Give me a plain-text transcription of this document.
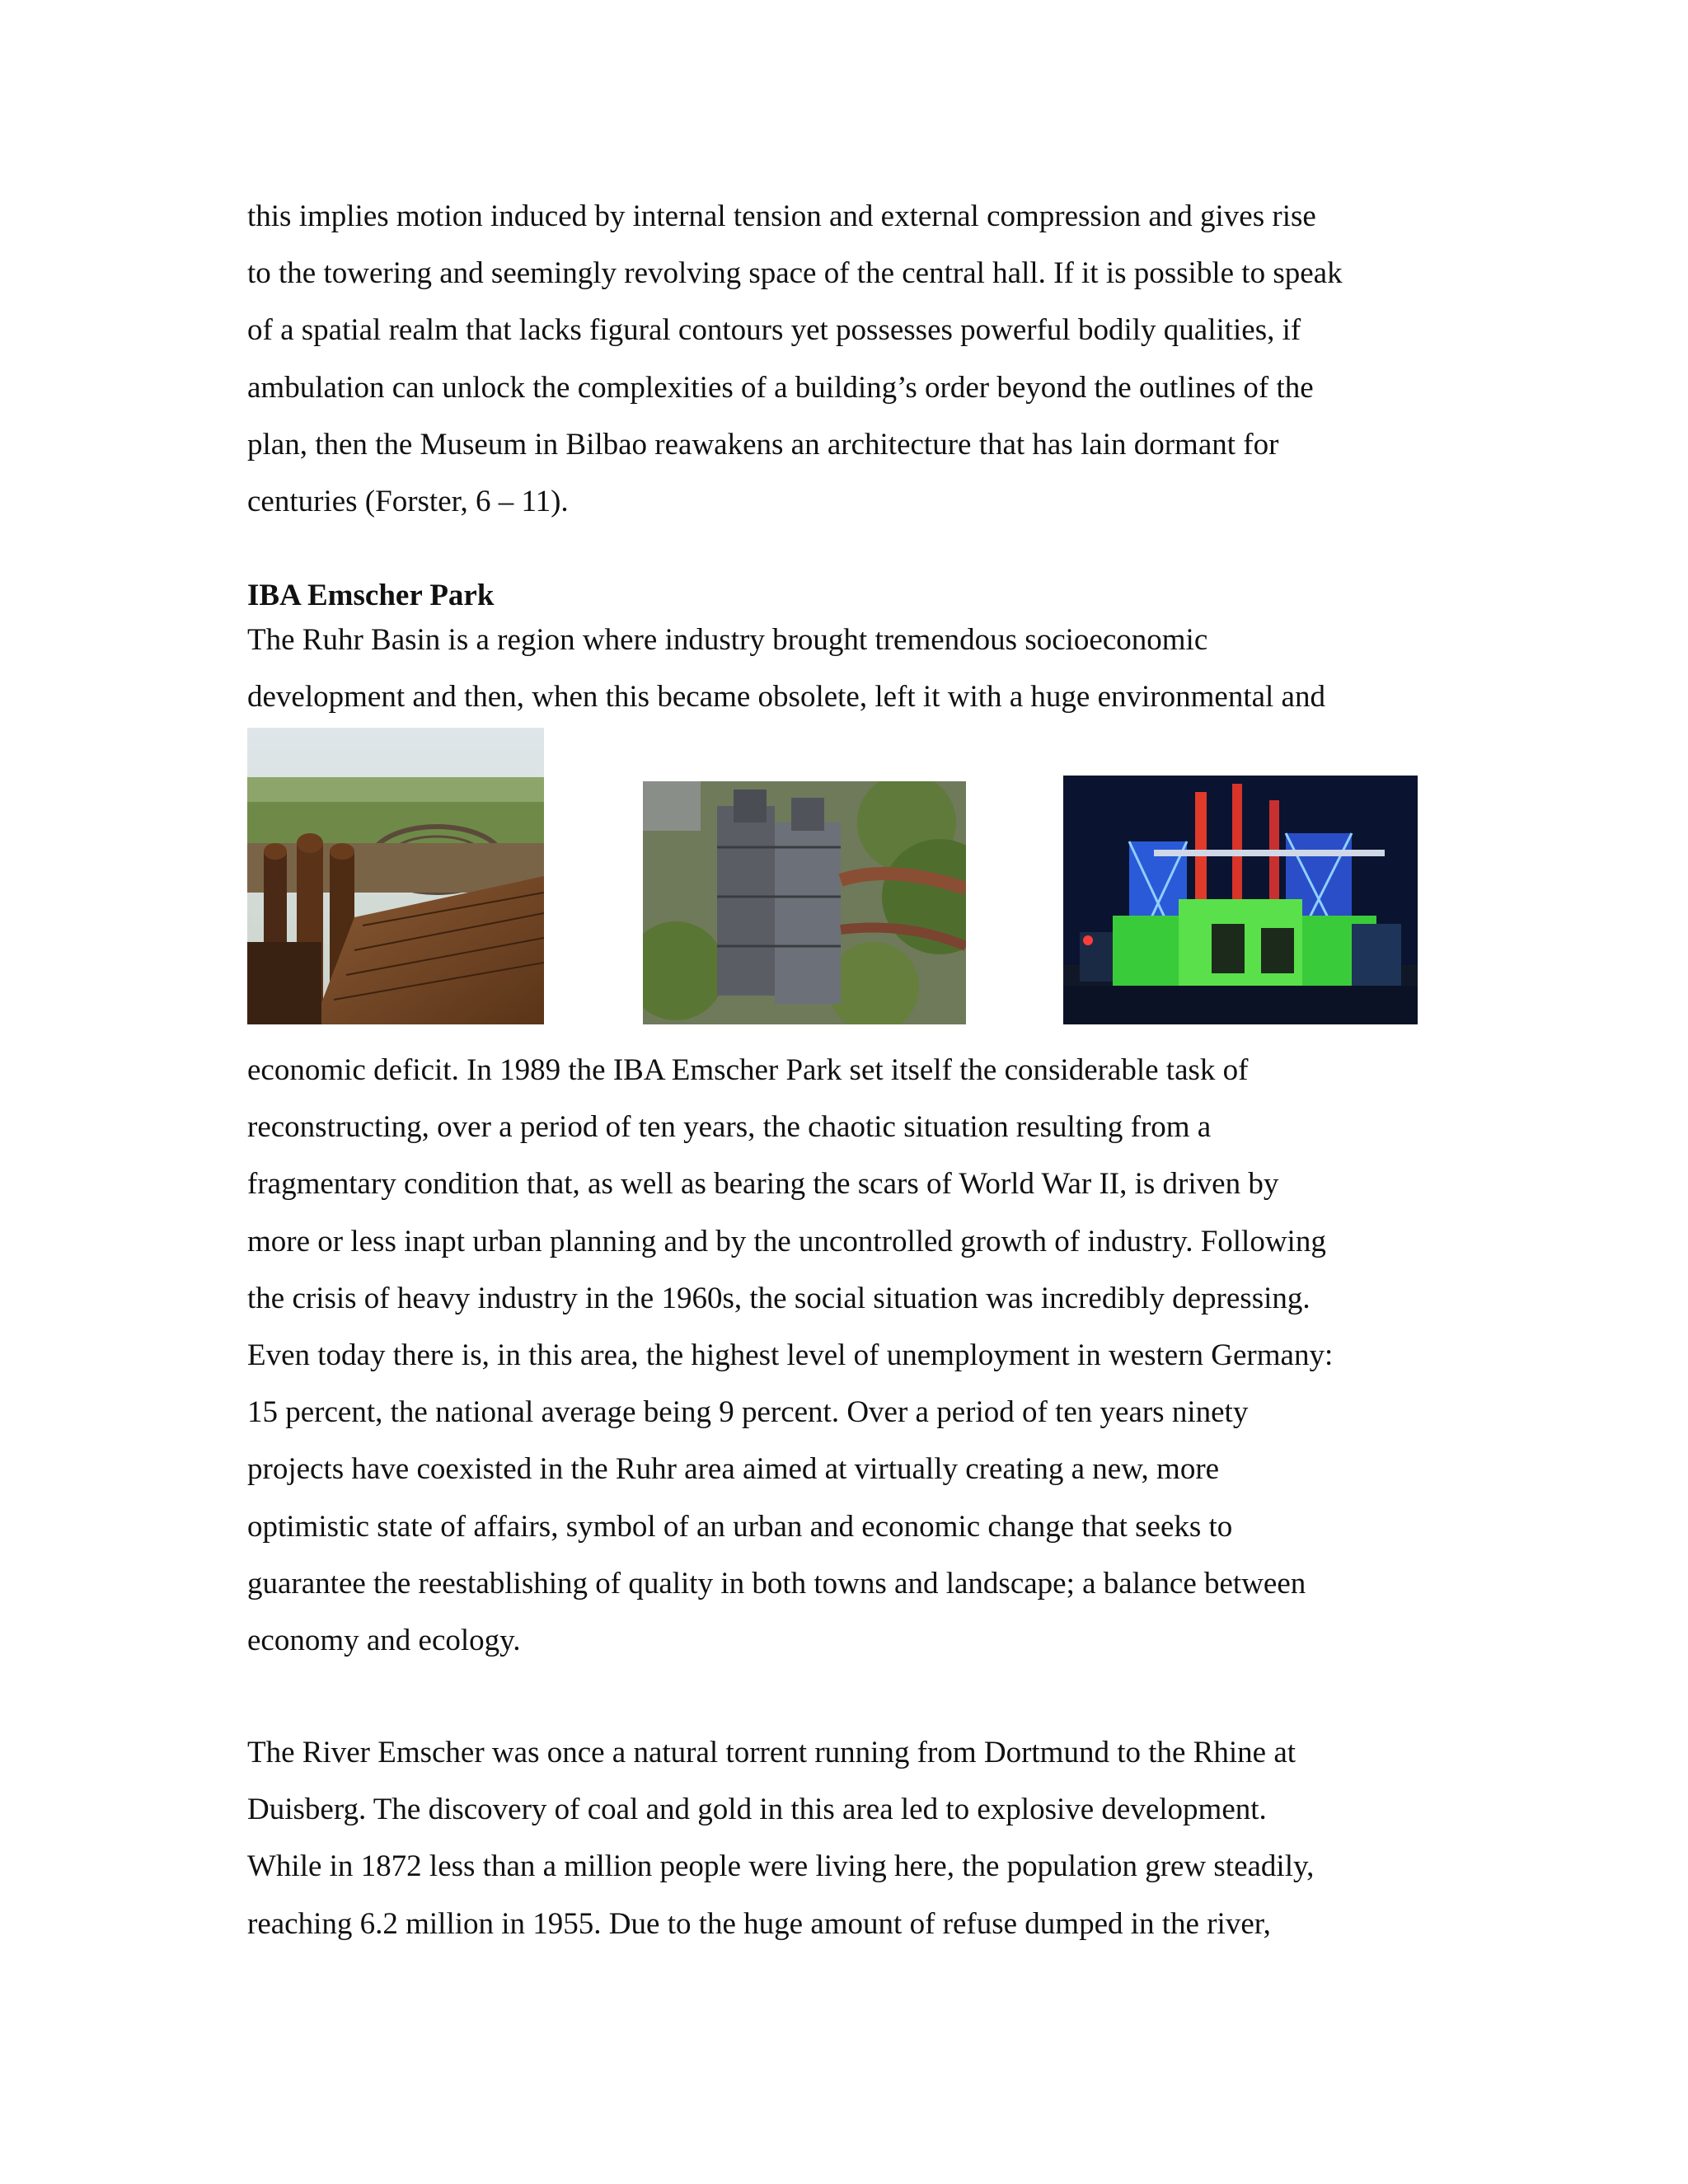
this implies motion induced by internal tension and external compression and gives rise
to the towering and seemingly revolving space of the central hall. If it is possible to speak
of a spatial realm that lacks figural contours yet possesses powerful bodily qualities, if
ambulation can unlock the complexities of a building’s order beyond the outlines of the
plan, then the Museum in Bilbao reawakens an architecture that has lain dormant for
centuries (Forster, 6 – 11).
IBA Emscher Park
The Ruhr Basin is a region where industry brought tremendous socioeconomic
development and then, when this became obsolete, left it with a huge environmental and
economic deficit. In 1989 the IBA Emscher Park set itself the considerable task of
reconstructing, over a period of ten years, the chaotic situation resulting from a
fragmentary condition that, as well as bearing the scars of World War II, is driven by
more or less inapt urban planning and by the uncontrolled growth of industry. Following
the crisis of heavy industry in the 1960s, the social situation was incredibly depressing.
Even today there is, in this area, the highest level of unemployment in western Germany:
15 percent, the national average being 9 percent. Over a period of ten years ninety
projects have coexisted in the Ruhr area aimed at virtually creating a new, more
optimistic state of affairs, symbol of an urban and economic change that seeks to
guarantee the reestablishing of quality in both towns and landscape; a balance between
economy and ecology.
The River Emscher was once a natural torrent running from Dortmund to the Rhine at
Duisberg. The discovery of coal and gold in this area led to explosive development.
While in 1872 less than a million people were living here, the population grew steadily,
reaching 6.2 million in 1955. Due to the huge amount of refuse dumped in the river,
